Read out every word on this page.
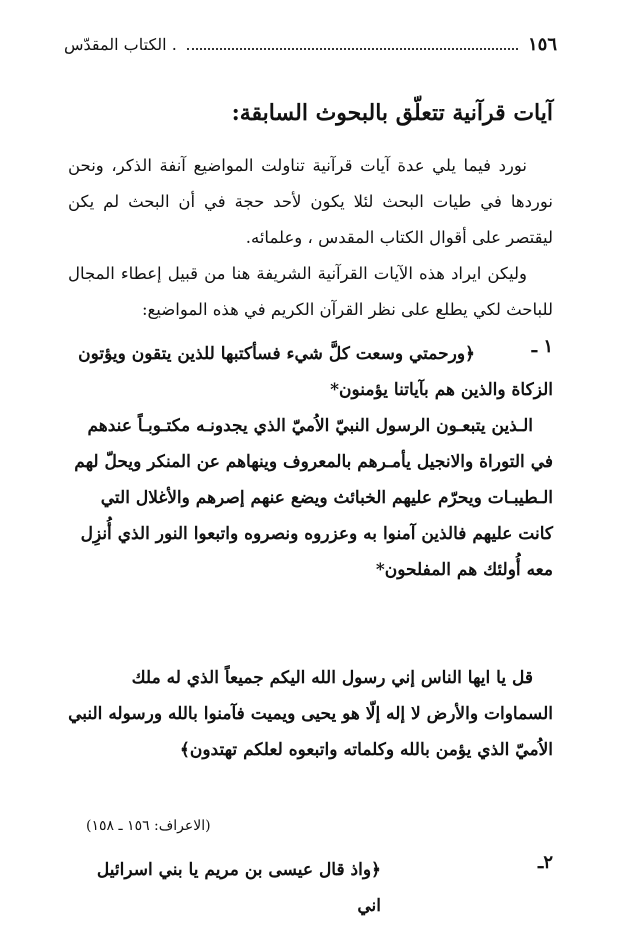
١٥٦
. الكتاب المقدّس
آيات قرآنية تتعلّق بالبحوث السابقة:

نورد فيما يلي عدة آيات قرآنية تناولت المواضيع آنفة الذكر، ونحن نوردها في طيات البحث لئلا يكون لأحد حجة في أن البحث لم يكن ليقتصر على أقوال الكتاب المقدس ، وعلمائه.

وليكن ايراد هذه الآيات القرآنية الشريفة هنا من قبيل إعطاء المجال للباحث لكي يطلع على نظر القرآن الكريم في هذه المواضيع:

١ ـ

﴿ورحمتي وسعت كلَّ شيء فسأكتبها للذين يتقون ويؤتون الزكاة والذين هم بآياتنا يؤمنون*

الـذين يتبعـون الرسول النبيّ الاُميّ الذي يجدونـه مكتـوبـاً عندهم في التوراة والانجيل يأمـرهم بالمعروف وينهاهم عن المنكر ويحلّ لهم الـطيبـات ويحرّم عليهم الخبائث ويضع عنهم إصرهم والأغلال التي كانت عليهم فالذين آمنوا به وعزروه ونصروه واتبعوا النور الذي أُنزِل معه أُولئك هم المفلحون*

قل يا ايها الناس إني رسول الله اليكم جميعاً الذي له ملك السماوات والأرض لا إله إلّا هو يحيى ويميت فآمنوا بالله ورسوله النبي الاُميّ الذي يؤمن بالله وكلماته واتبعوه لعلكم تهتدون﴾

(الاعراف: ١٥٦ ـ ١٥٨)
٢ـ

﴿واذ قال عيسى بن مريم يا بني اسرائيل اني
